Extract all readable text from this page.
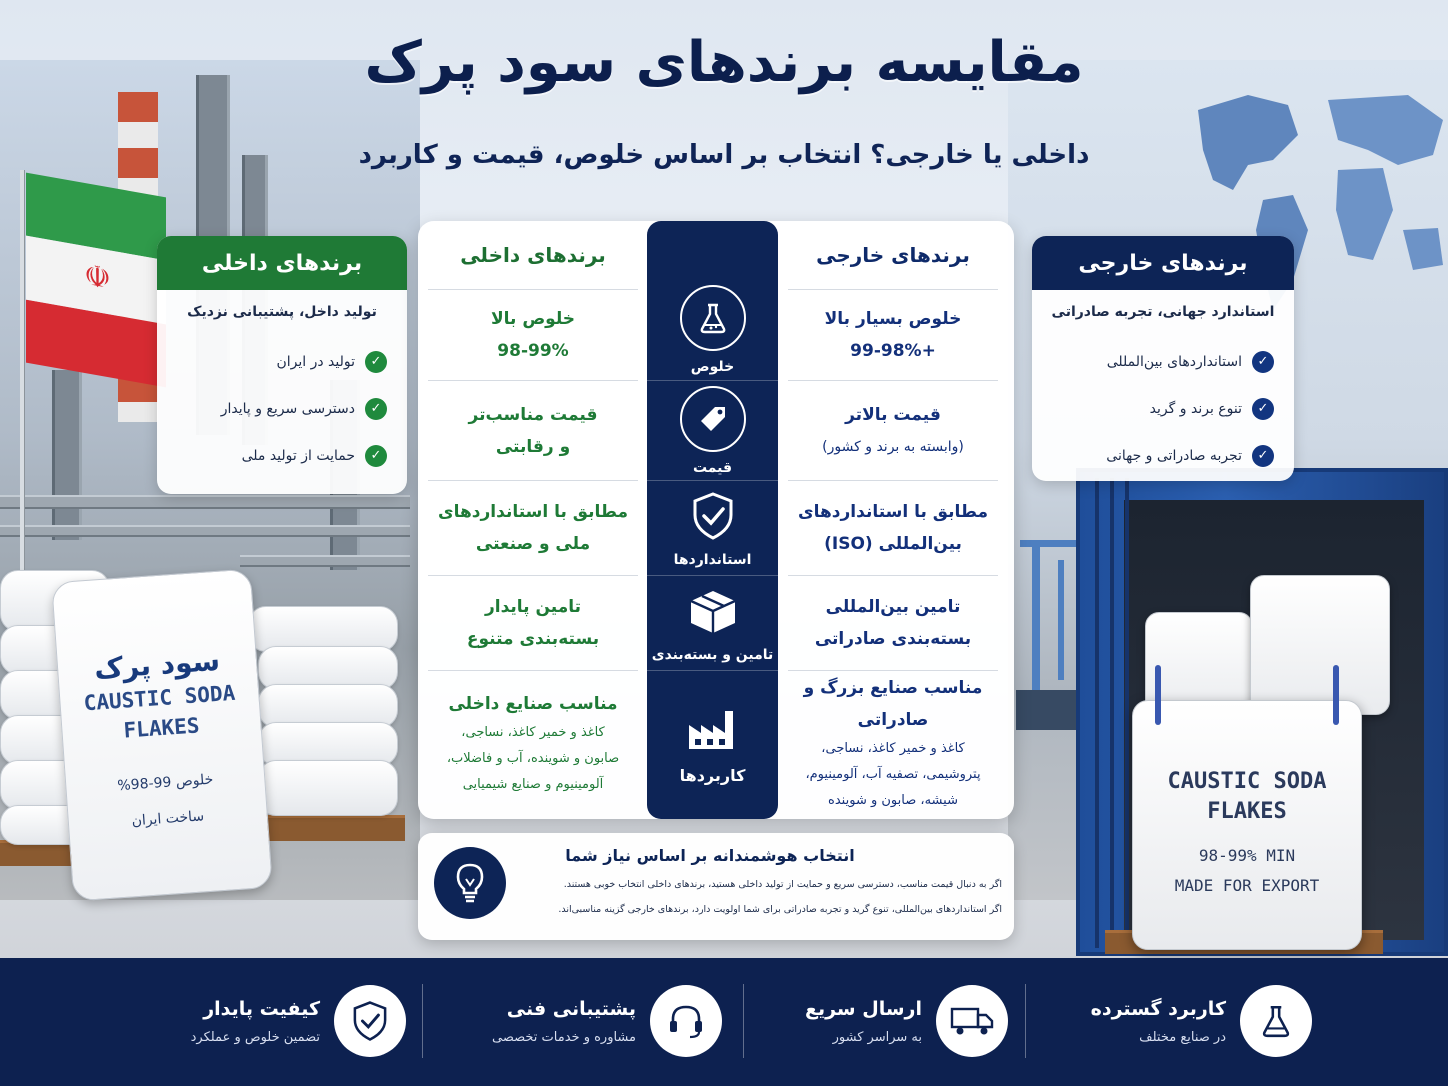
☫
سود پرک
CAUSTIC SODA
FLAKES
خلوص 99-98%
ساخت ایران
CAUSTIC SODA
FLAKES
98-99% MIN
MADE FOR EXPORT
مقایسه برندهای سود پرک
داخلی یا خارجی؟ انتخاب بر اساس خلوص، قیمت و کاربرد
برندهای داخلی
تولید داخل، پشتیبانی نزدیک
✓
تولید در ایران
✓
دسترسی سریع و پایدار
✓
حمایت از تولید ملی
برندهای خارجی
استاندارد جهانی، تجربه صادراتی
✓
استانداردهای بین‌المللی
✓
تنوع برند و گرید
✓
تجربه صادراتی و جهانی
برندهای داخلی	برندهای خارجی
خلوص بالا
98-99%
خلوص
خلوص بسیار بالا
99-98%+
قیمت مناسب‌تر
و رقابتی
قیمت
قیمت بالاتر
(وابسته به برند و کشور)
مطابق با استانداردهای
ملی و صنعتی
استانداردها
مطابق با استانداردهای
بین‌المللی (ISO)
تامین پایدار
بسته‌بندی متنوع
تامین و بسته‌بندی
تامین بین‌المللی
بسته‌بندی صادراتی
مناسب صنایع داخلی
کاغذ و خمیر کاغذ، نساجی،
صابون و شوینده، آب و فاضلاب،
آلومینیوم و صنایع شیمیایی	کاربردها
مناسب صنایع بزرگ و صادراتی
کاغذ و خمیر کاغذ، نساجی،
پتروشیمی، تصفیه آب، آلومینیوم،
شیشه، صابون و شوینده
انتخاب هوشمندانه بر اساس نیاز شما
اگر به دنبال قیمت مناسب، دسترسی سریع و حمایت از تولید داخلی هستید، برندهای داخلی انتخاب خوبی هستند.
اگر استانداردهای بین‌المللی، تنوع گرید و تجربه صادراتی برای شما اولویت دارد، برندهای خارجی گزینه مناسبی‌اند.
کاربرد گسترده
در صنایع مختلف
ارسال سریع
به سراسر کشور
پشتیبانی فنی
مشاوره و خدمات تخصصی
کیفیت پایدار
تضمین خلوص و عملکرد
